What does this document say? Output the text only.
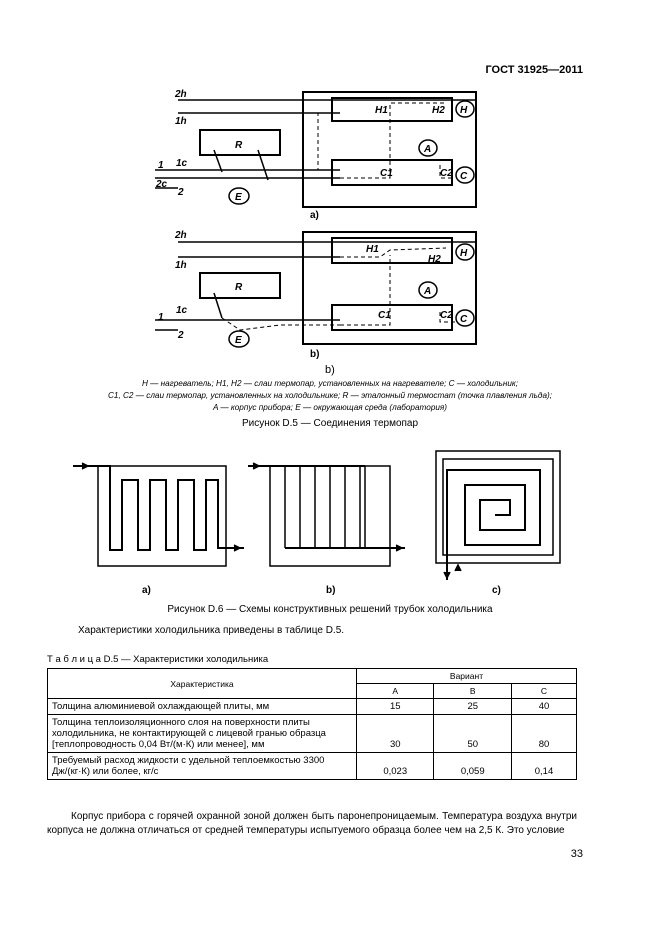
ГОСТ 31925—2011
2h
1h
R
1c
1
2c
2	E
A
H
C
H1	H2
C1	C2
а)
2h
1h
R
1c
1
2	E
A
H
C
H1
H2
C1	C2
b)
b)
а)	b)	c)
H — нагреватель; H1, H2 — слаи термопар, установленных на нагревателе; C — холодильник;
C1, C2 — слаи термопар, установленных на холодильнике; R — эталонный термостат (точка плавления льда);
A — корпус прибора; E — окружающая среда (лаборатория)
Рисунок D.5 — Соединения термопар
Рисунок D.6 — Схемы конструктивных решений трубок холодильника
Характеристики холодильника приведены в таблице D.5.
Т а б л и ц а D.5 — Характеристики холодильника
Характеристика	Вариант		
	A	B	C
Толщина алюминиевой охлаждающей плиты, мм	15	25	40
Толщина теплоизоляционного слоя на поверхности плиты холодильника, не контактирующей с лицевой гранью образца [теплопроводность 0,04 Вт/(м·К) или менее], мм	30	50	80
Требуемый расход жидкости с удельной теплоемкостью 3300 Дж/(кг·К) или более, кг/с	0,023	0,059	0,14
Корпус прибора с горячей охранной зоной должен быть паронепроницаемым. Температура воздуха внутри корпуса не должна отличаться от средней температуры испытуемого образца более чем на 2,5 К. Это условие
33
